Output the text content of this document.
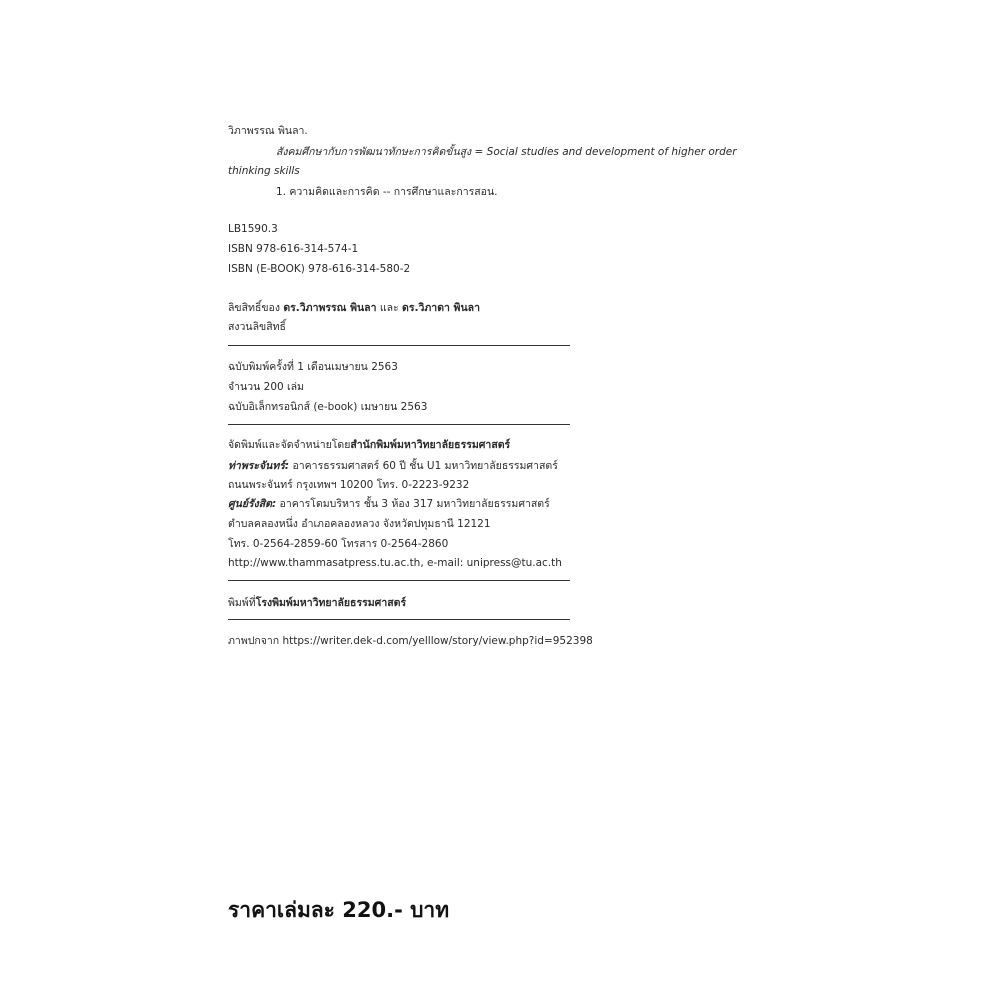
วิภาพรรณ พินลา.
สังคมศึกษากับการพัฒนาทักษะการคิดขั้นสูง = Social studies and development of higher order
thinking skills
1. ความคิดและการคิด -- การศึกษาและการสอน.
LB1590.3
ISBN 978-616-314-574-1
ISBN (E-BOOK) 978-616-314-580-2
ลิขสิทธิ์ของ ดร.วิภาพรรณ พินลา และ ดร.วิภาดา พินลา
สงวนลิขสิทธิ์
ฉบับพิมพ์ครั้งที่ 1 เดือนเมษายน 2563
จำนวน 200 เล่ม
ฉบับอิเล็กทรอนิกส์ (e-book) เมษายน 2563
จัดพิมพ์และจัดจำหน่ายโดยสำนักพิมพ์มหาวิทยาลัยธรรมศาสตร์
ท่าพระจันทร์: อาคารธรรมศาสตร์ 60 ปี ชั้น U1 มหาวิทยาลัยธรรมศาสตร์
ถนนพระจันทร์ กรุงเทพฯ 10200 โทร. 0-2223-9232
ศูนย์รังสิต: อาคารโดมบริหาร ชั้น 3 ห้อง 317 มหาวิทยาลัยธรรมศาสตร์
ตำบลคลองหนึ่ง อำเภอคลองหลวง จังหวัดปทุมธานี 12121
โทร. 0-2564-2859-60 โทรสาร 0-2564-2860
http://www.thammasatpress.tu.ac.th, e-mail: unipress@tu.ac.th
พิมพ์ที่โรงพิมพ์มหาวิทยาลัยธรรมศาสตร์
ภาพปกจาก https://writer.dek-d.com/yelllow/story/view.php?id=952398
ราคาเล่มละ 220.- บาท
